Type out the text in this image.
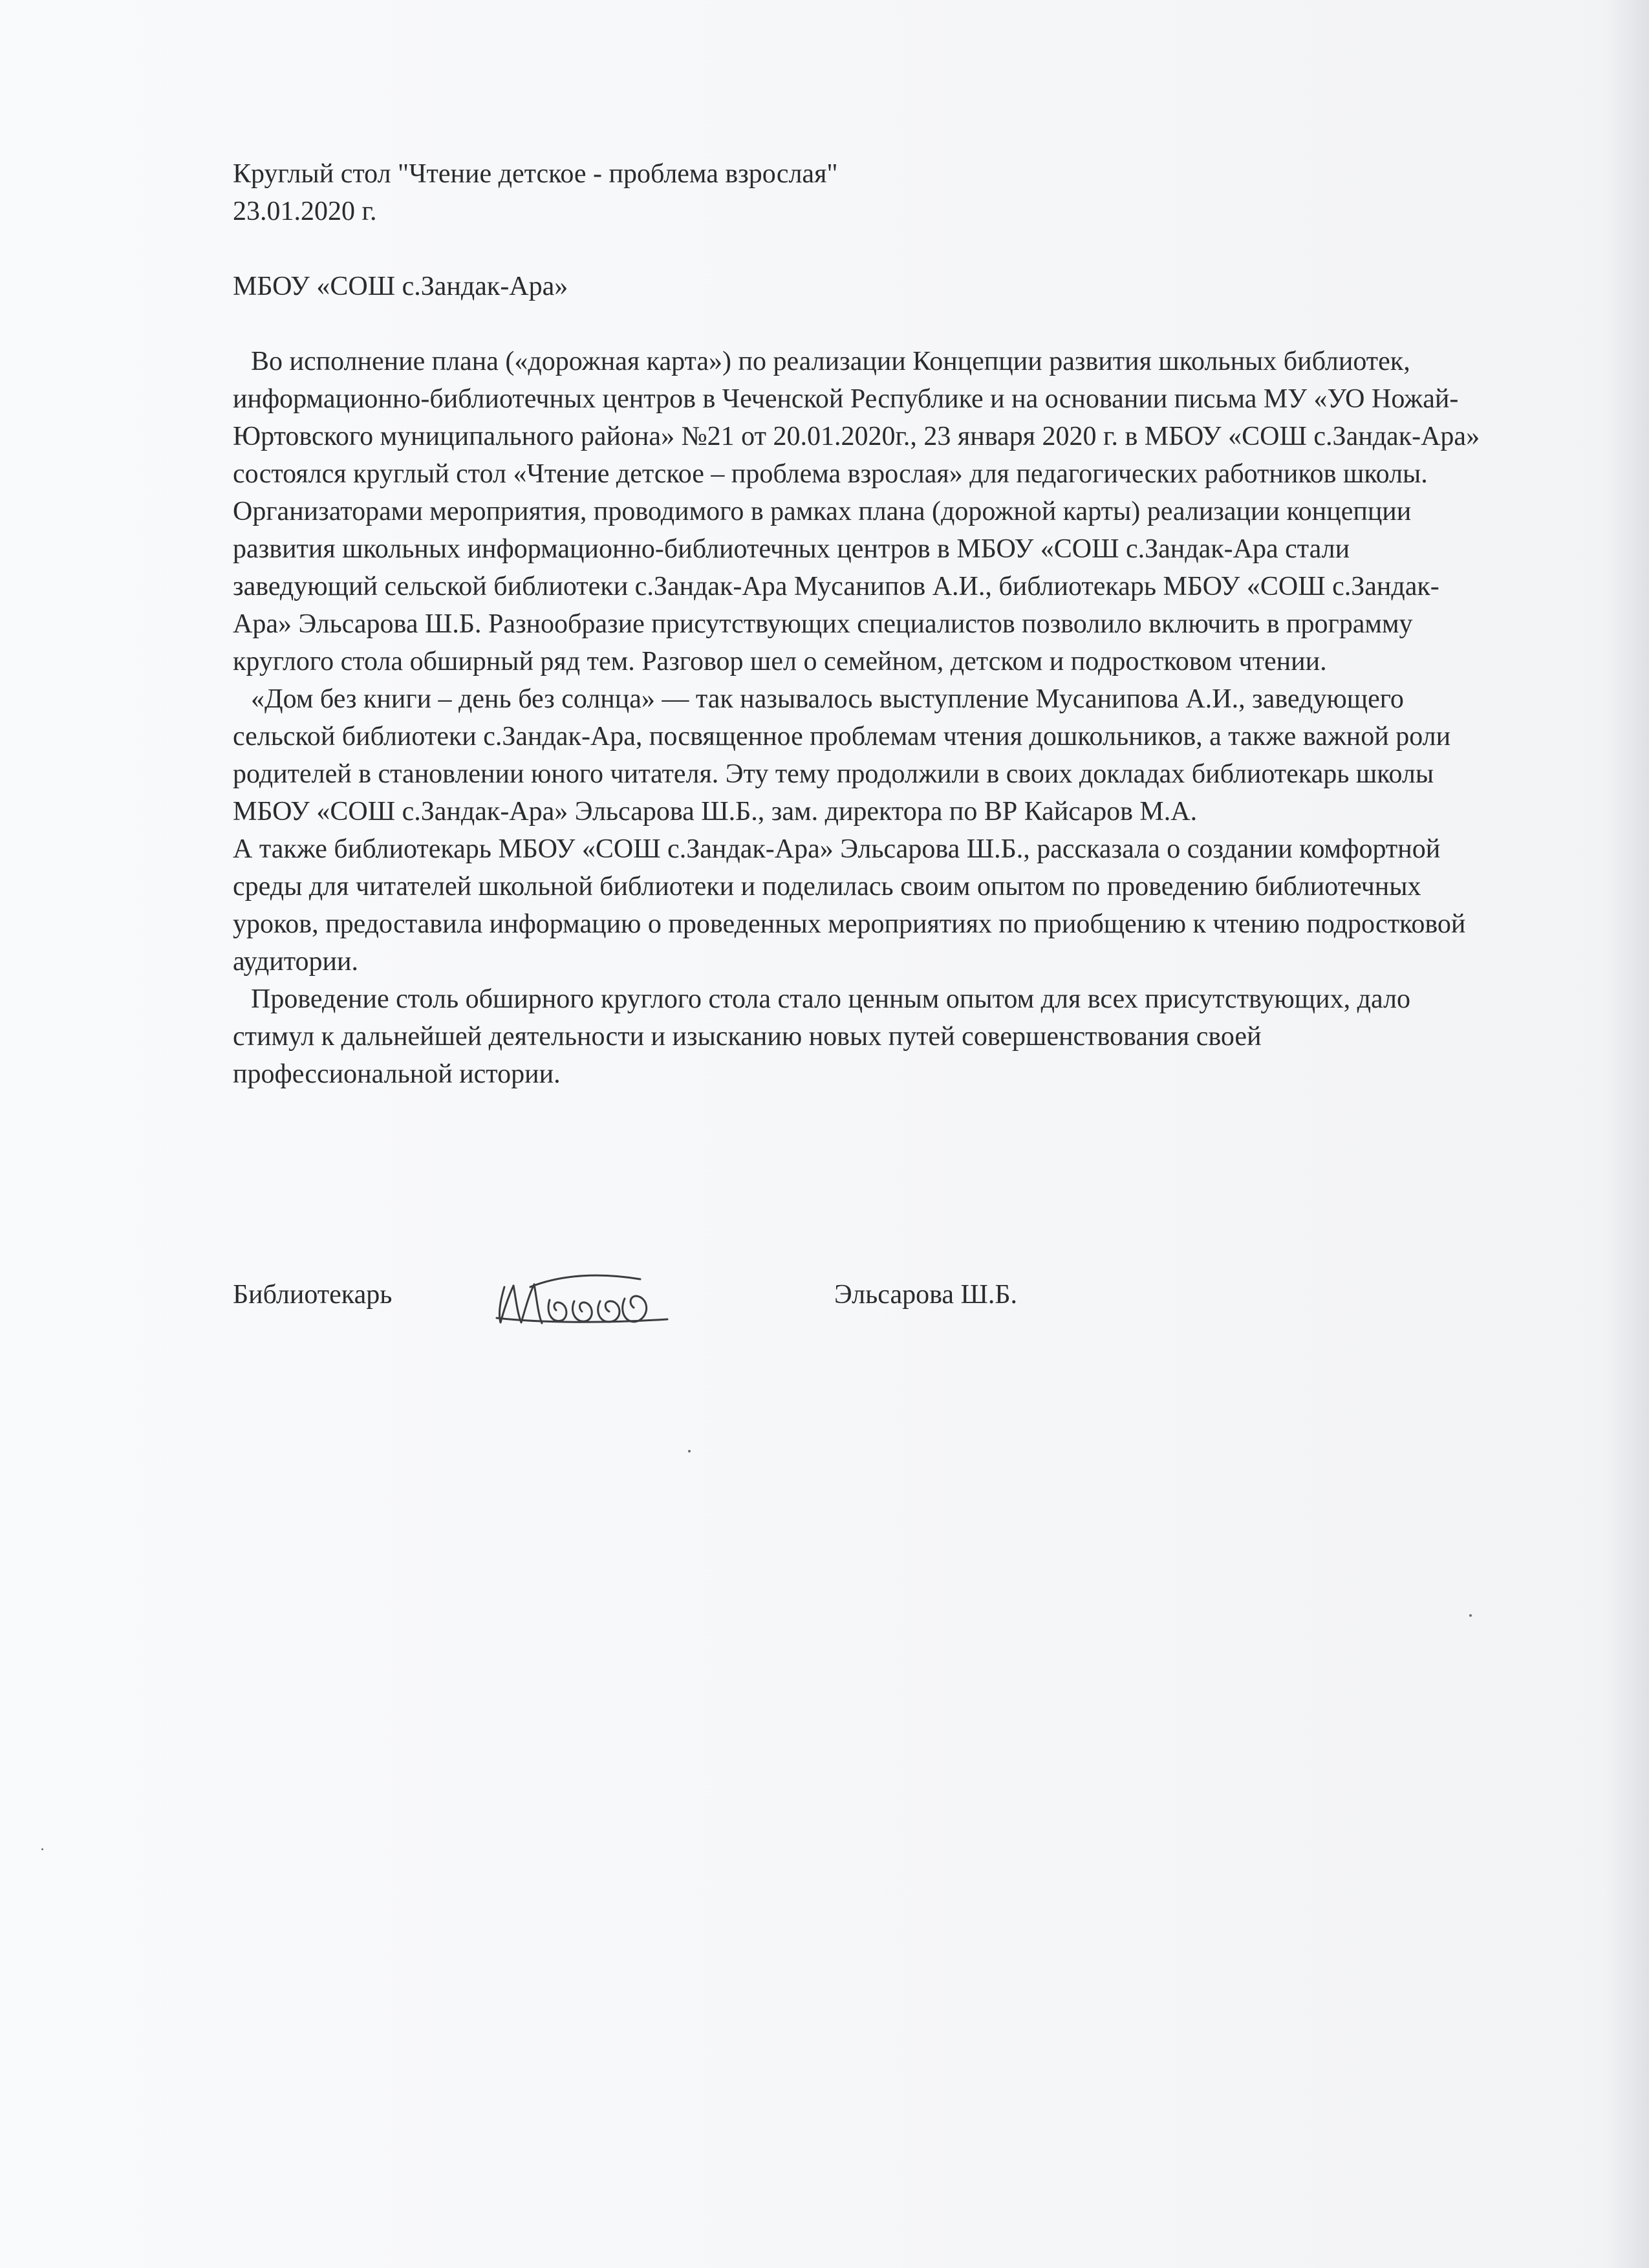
Круглый стол "Чтение детское - проблема взрослая"
23.01.2020 г.
МБОУ «СОШ с.Зандак-Ара»

Во исполнение плана («дорожная карта») по реализации Концепции развития школьных библиотек, информационно-библиотечных центров в Чеченской Республике и на основании письма МУ «УО Ножай-Юртовского муниципального района» №21 от 20.01.2020г., 23 января 2020 г. в МБОУ «СОШ с.Зандак-Ара» состоялся круглый стол «Чтение детское – проблема взрослая» для педагогических работников школы. Организаторами мероприятия, проводимого в рамках плана (дорожной карты) реализации концепции развития школьных информационно-библиотечных центров в МБОУ «СОШ с.Зандак-Ара стали заведующий сельской библиотеки с.Зандак-Ара Мусанипов А.И., библиотекарь МБОУ «СОШ с.Зандак-Ара» Эльсарова Ш.Б. Разнообразие присутствующих специалистов позволило включить в программу круглого стола обширный ряд тем. Разговор шел о семейном, детском и подростковом чтении.

«Дом без книги – день без солнца» — так называлось выступление Мусанипова А.И., заведующего сельской библиотеки с.Зандак-Ара, посвященное проблемам чтения дошкольников, а также важной роли родителей в становлении юного читателя. Эту тему продолжили в своих докладах библиотекарь школы МБОУ «СОШ с.Зандак-Ара» Эльсарова Ш.Б., зам. директора по ВР Кайсаров М.А.

А также библиотекарь МБОУ «СОШ с.Зандак-Ара» Эльсарова Ш.Б., рассказала о создании комфортной среды для читателей школьной библиотеки и поделилась своим опытом по проведению библиотечных уроков, предоставила информацию о проведенных мероприятиях по приобщению к чтению подростковой аудитории.

Проведение столь обширного круглого стола стало ценным опытом для всех присутствующих, дало стимул к дальнейшей деятельности и изысканию новых путей совершенствования своей профессиональной истории.

Библиотекарь	Эльсарова Ш.Б.
